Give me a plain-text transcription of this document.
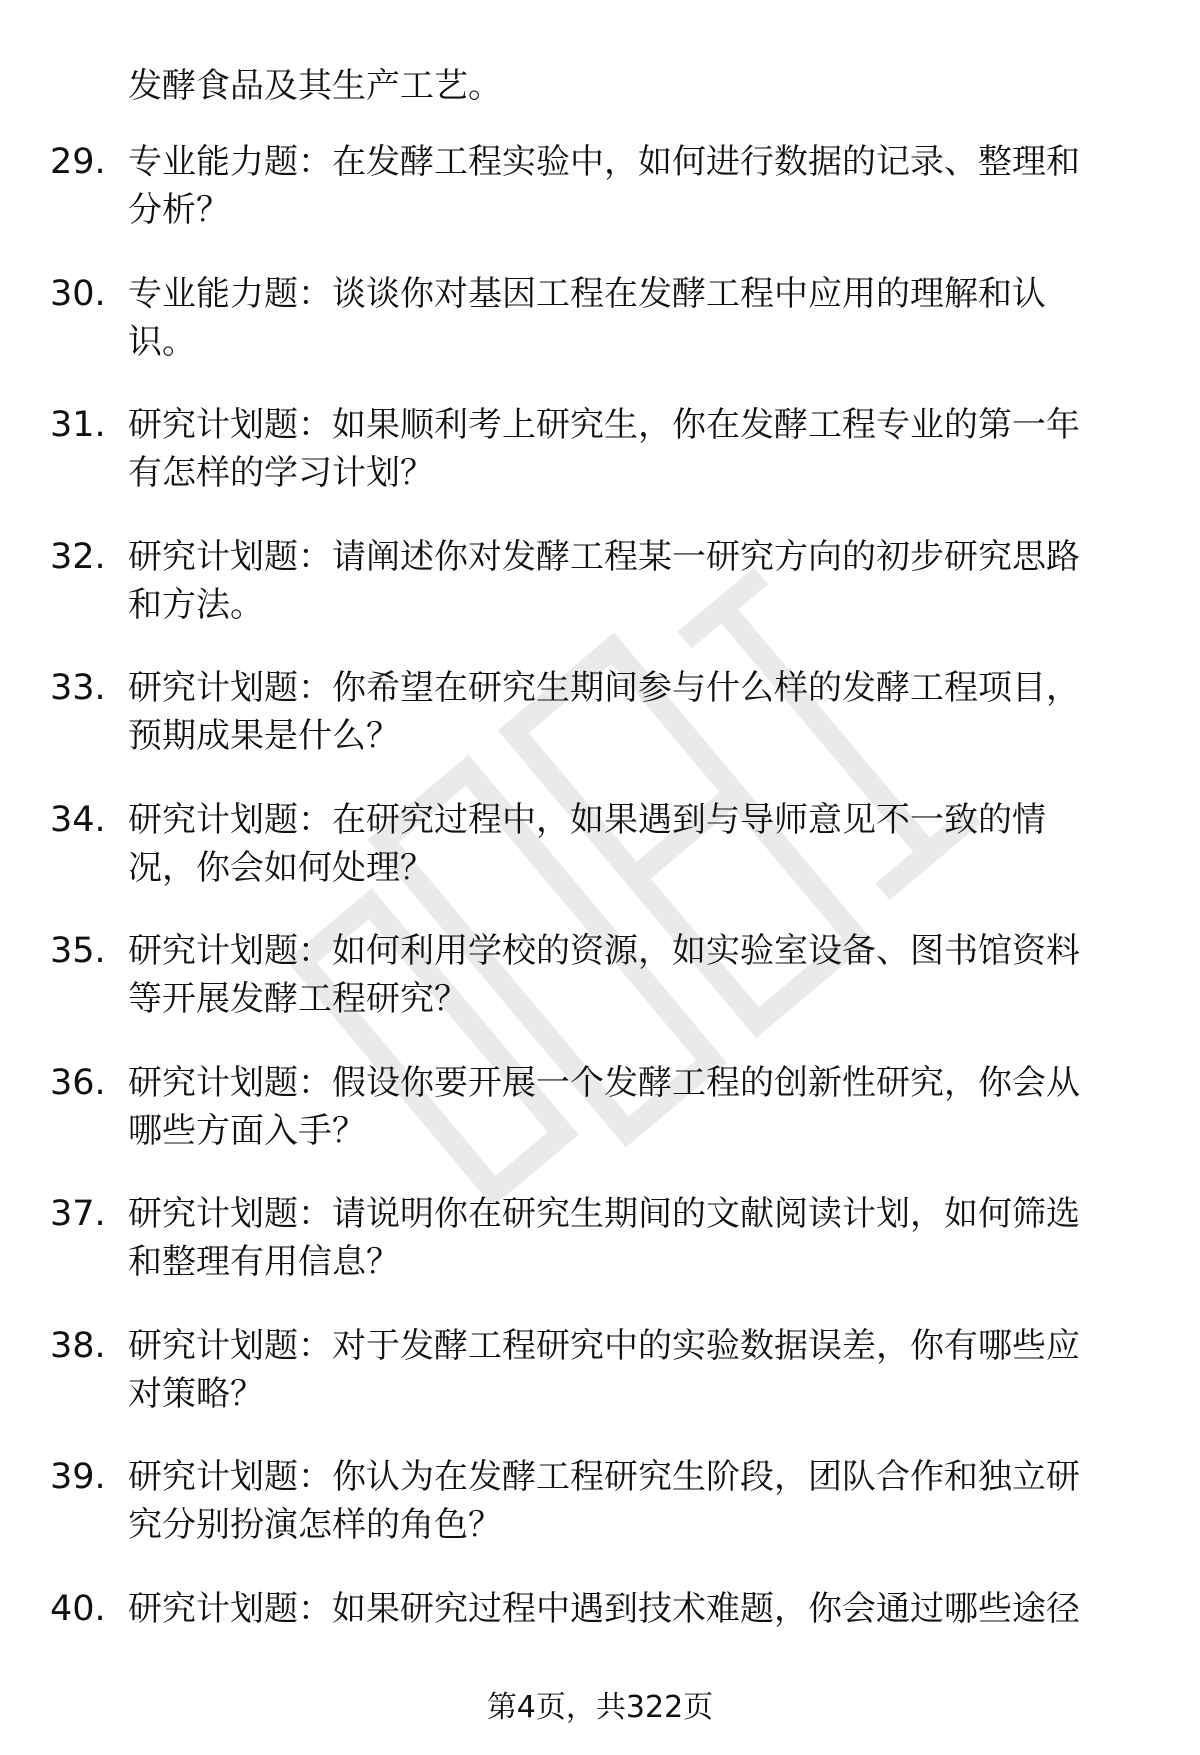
发酵食品及其生产工艺。
29. 专业能力题：在发酵工程实验中，如何进行数据的记录、整理和
分析？
30. 专业能力题：谈谈你对基因工程在发酵工程中应用的理解和认
识。
31. 研究计划题：如果顺利考上研究生，你在发酵工程专业的第一年
有怎样的学习计划？
32. 研究计划题：请阐述你对发酵工程某一研究方向的初步研究思路
和方法。
33. 研究计划题：你希望在研究生期间参与什么样的发酵工程项目，
预期成果是什么？
34. 研究计划题：在研究过程中，如果遇到与导师意见不一致的情
况，你会如何处理？
35. 研究计划题：如何利用学校的资源，如实验室设备、图书馆资料
等开展发酵工程研究？
36. 研究计划题：假设你要开展一个发酵工程的创新性研究，你会从
哪些方面入手？
37. 研究计划题：请说明你在研究生期间的文献阅读计划，如何筛选
和整理有用信息？
38. 研究计划题：对于发酵工程研究中的实验数据误差，你有哪些应
对策略？
39. 研究计划题：你认为在发酵工程研究生阶段，团队合作和独立研
究分别扮演怎样的角色？
40. 研究计划题：如果研究过程中遇到技术难题，你会通过哪些途径
第4页，共322页
